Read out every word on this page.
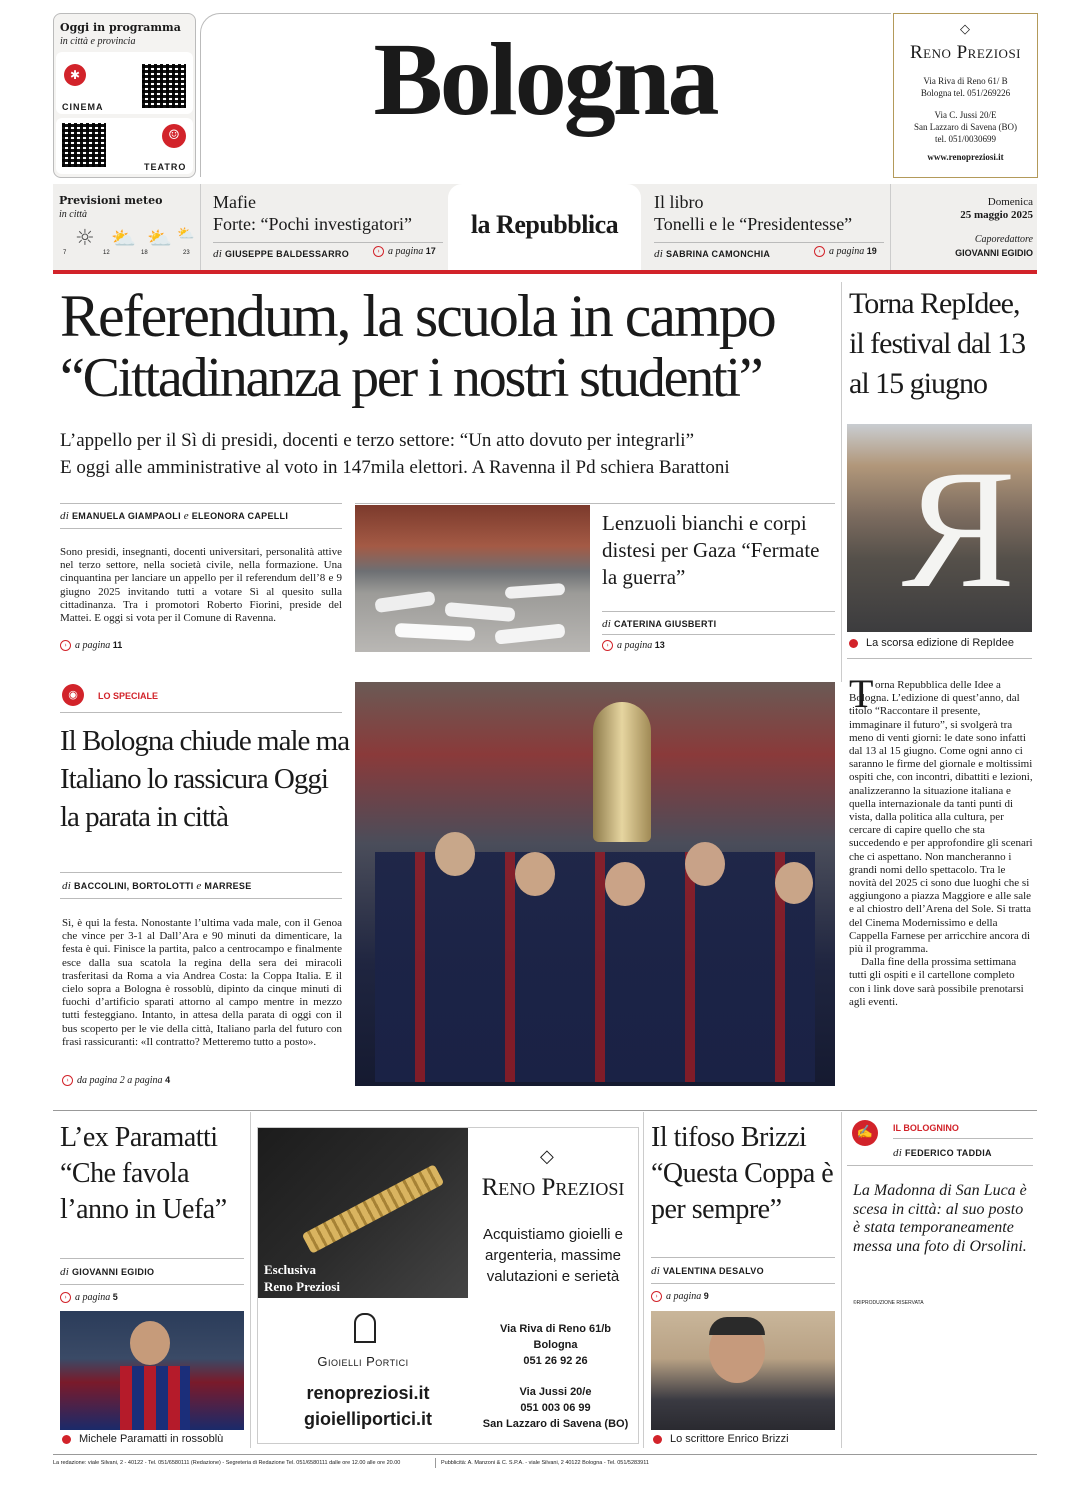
Oggi in programma
in città e provincia
✱
CINEMA
☺
TEATRO
Bologna	◇
Reno Preziosi
Via Riva di Reno 61/ B
Bologna tel. 051/269226
Via C. Jussi 20/E
San Lazzaro di Savena (BO)
tel. 051/0030699
www.renopreziosi.it
Previsioni meteo
in città
☼ ⛅ ⛅ ⛅
7	12	18	23
Mafie
Forte: “Pochi investigatori”
di GIUSEPPE BALDESSARRO	› a pagina 17
la Repubblica
Il libro
Tonelli e le “Presidentesse”
di SABRINA CAMONCHIA	› a pagina 19
Domenica
25 maggio 2025
Caporedattore
GIOVANNI EGIDIO
Referendum, la scuola in campo
“Cittadinanza per i nostri studenti”
L’appello per il Sì di presidi, docenti e terzo settore: “Un atto dovuto per integrarli”
E oggi alle amministrative al voto in 147mila elettori. A Ravenna il Pd schiera Barattoni
di EMANUELA GIAMPAOLI e ELEONORA CAPELLI
Sono presidi, insegnanti, docenti universitari, personalità attive nel terzo settore, nella società civile, nella formazione. Una cinquantina per lanciare un appello per il referendum dell’8 e 9 giugno 2025 invitando tutti a votare Sì al quesito sulla cittadinanza. Tra i promotori Roberto Fiorini, preside del Mattei. E oggi si vota per il Comune di Ravenna.
› a pagina 11
Lenzuoli bianchi e corpi distesi per Gaza “Fermate la guerra”
di CATERINA GIUSBERTI
› a pagina 13
Torna RepIdee, il festival dal 13 al 15 giugno
R
La scorsa edizione di RepIdee
T orna Repubblica delle Idee a Bologna. L’edizione di quest’anno, dal titolo “Raccontare il presente, immaginare il futuro”, si svolgerà tra meno di venti giorni: le date sono infatti dal 13 al 15 giugno. Come ogni anno ci saranno le firme del giornale e moltissimi ospiti che, con incontri, dibattiti e lezioni, analizzeranno la situazione italiana e quella internazionale da tanti punti di vista, dalla politica alla cultura, per cercare di capire quello che sta succedendo e per approfondire gli scenari che ci aspettano. Non mancheranno i grandi nomi dello spettacolo. Tra le novità del 2025 ci sono due luoghi che si aggiungono a piazza Maggiore e alle sale e al chiostro dell’Arena del Sole. Si tratta del Cinema Modernissimo e della Cappella Farnese per arricchire ancora di più il programma.
Dalla fine della prossima settimana tutti gli ospiti e il cartellone completo con i link dove sarà possibile prenotarsi agli eventi.
◉	LO SPECIALE
Il Bologna chiude male ma Italiano lo rassicura Oggi la parata in città
di BACCOLINI, BORTOLOTTI e MARRESE
Sì, è qui la festa. Nonostante l’ultima vada male, con il Genoa che vince per 3-1 al Dall’Ara e 90 minuti da dimenticare, la festa è qui. Finisce la partita, palco a centrocampo e finalmente esce dalla sua scatola la regina della sera dei miracoli trasferitasi da Roma a via Andrea Costa: la Coppa Italia. E il cielo sopra a Bologna è rossoblù, dipinto da cinque minuti di fuochi d’artificio sparati attorno al campo mentre in mezzo tutti festeggiano. Intanto, in attesa della parata di oggi con il bus scoperto per le vie della città, Italiano parla del futuro con frasi rassicuranti: «Il contratto? Metteremo tutto a posto».
› da pagina 2 a pagina 4
L’ex Paramatti “Che favola l’anno in Uefa”
di GIOVANNI EGIDIO
› a pagina 5
Michele Paramatti in rossoblù
Esclusiva
Reno Preziosi
◇
Reno Preziosi
Acquistiamo gioielli e argenteria, massime valutazioni e serietà
Gioielli Portici
renopreziosi.it
gioielliportici.it
Via Riva di Reno 61/b
Bologna
051 26 92 26
Via Jussi 20/e
051 003 06 99
San Lazzaro di Savena (BO)
Il tifoso Brizzi “Questa Coppa è per sempre”
di VALENTINA DESALVO
› a pagina 9
Lo scrittore Enrico Brizzi
✍	IL BOLOGNINO
di FEDERICO TADDIA
La Madonna di San Luca è scesa in città: al suo posto è stata temporaneamente messa una foto di Orsolini.
©RIPRODUZIONE RISERVATA
La redazione: viale Silvani, 2 - 40122 - Tel. 051/6580111 (Redazione) - Segreteria di Redazione Tel. 051/6580111 dalle ore 12.00 alle ore 20.00	Pubblicità: A. Manzoni & C. S.P.A. - viale Silvani, 2 40122 Bologna - Tel. 051/5283911
